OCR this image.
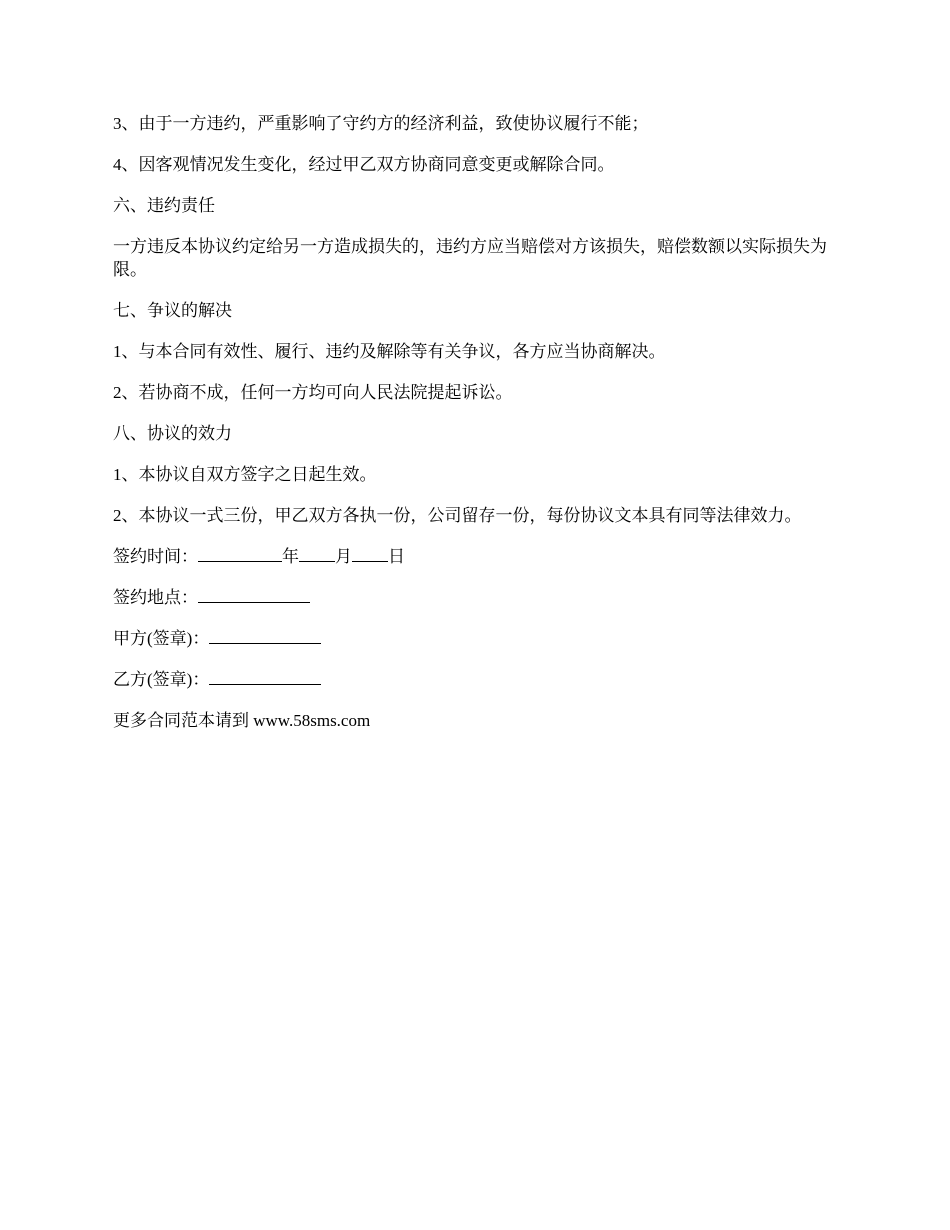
3、由于一方违约，严重影响了守约方的经济利益，致使协议履行不能；

4、因客观情况发生变化，经过甲乙双方协商同意变更或解除合同。

六、违约责任

一方违反本协议约定给另一方造成损失的，违约方应当赔偿对方该损失，赔偿数额以实际损失为限。

七、争议的解决

1、与本合同有效性、履行、违约及解除等有关争议，各方应当协商解决。

2、若协商不成，任何一方均可向人民法院提起诉讼。

八、协议的效力

1、本协议自双方签字之日起生效。

2、本协议一式三份，甲乙双方各执一份，公司留存一份，每份协议文本具有同等法律效力。

签约时间：	年 月 日

签约地点：

甲方(签章)：

乙方(签章)：

更多合同范本请到 www.58sms.com
